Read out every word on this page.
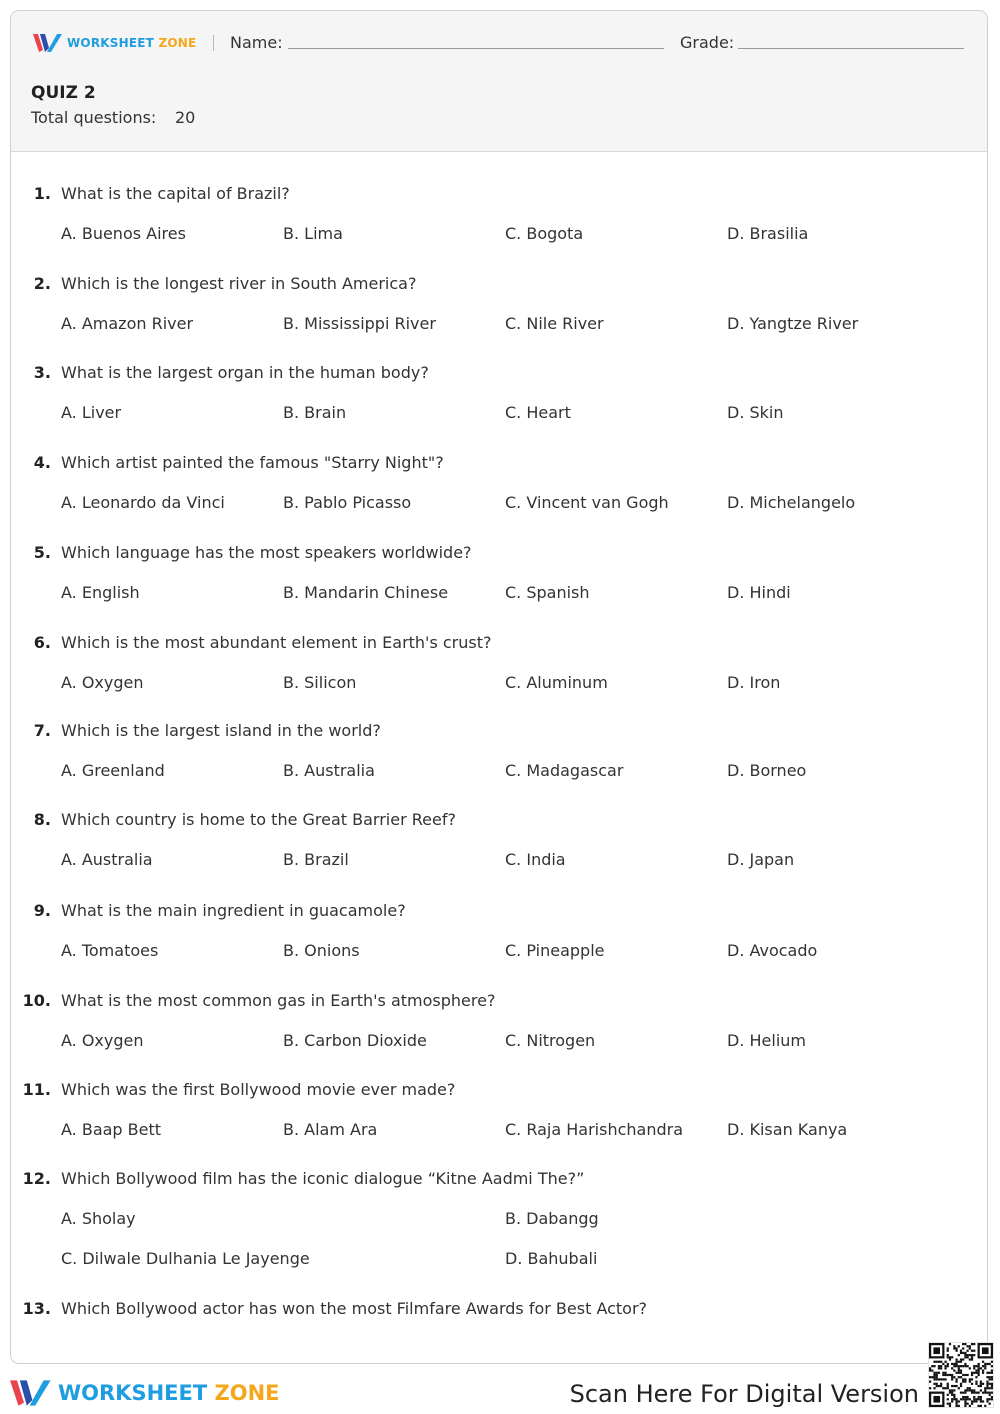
WORKSHEET ZONE Name:	Grade:
QUIZ 2
Total questions: 20
1. What is the capital of Brazil?
A. Buenos Aires	B. Lima	C. Bogota	D. Brasilia
2. Which is the longest river in South America?
A. Amazon River	B. Mississippi River	C. Nile River	D. Yangtze River
3. What is the largest organ in the human body?
A. Liver	B. Brain	C. Heart	D. Skin
4. Which artist painted the famous "Starry Night"?
A. Leonardo da Vinci	B. Pablo Picasso	C. Vincent van Gogh	D. Michelangelo
5. Which language has the most speakers worldwide?
A. English	B. Mandarin Chinese	C. Spanish	D. Hindi
6. Which is the most abundant element in Earth's crust?
A. Oxygen	B. Silicon	C. Aluminum	D. Iron
7. Which is the largest island in the world?
A. Greenland	B. Australia	C. Madagascar	D. Borneo
8. Which country is home to the Great Barrier Reef?
A. Australia	B. Brazil	C. India	D. Japan
9. What is the main ingredient in guacamole?
A. Tomatoes	B. Onions	C. Pineapple	D. Avocado
10. What is the most common gas in Earth's atmosphere?
A. Oxygen	B. Carbon Dioxide	C. Nitrogen	D. Helium
11. Which was the first Bollywood movie ever made?
A. Baap Bett	B. Alam Ara	C. Raja Harishchandra	D. Kisan Kanya
12. Which Bollywood film has the iconic dialogue “Kitne Aadmi The?”
A. Sholay	B. Dabangg
C. Dilwale Dulhania Le Jayenge	D. Bahubali
13. Which Bollywood actor has won the most Filmfare Awards for Best Actor?
WORKSHEET ZONE	Scan Here For Digital Version
